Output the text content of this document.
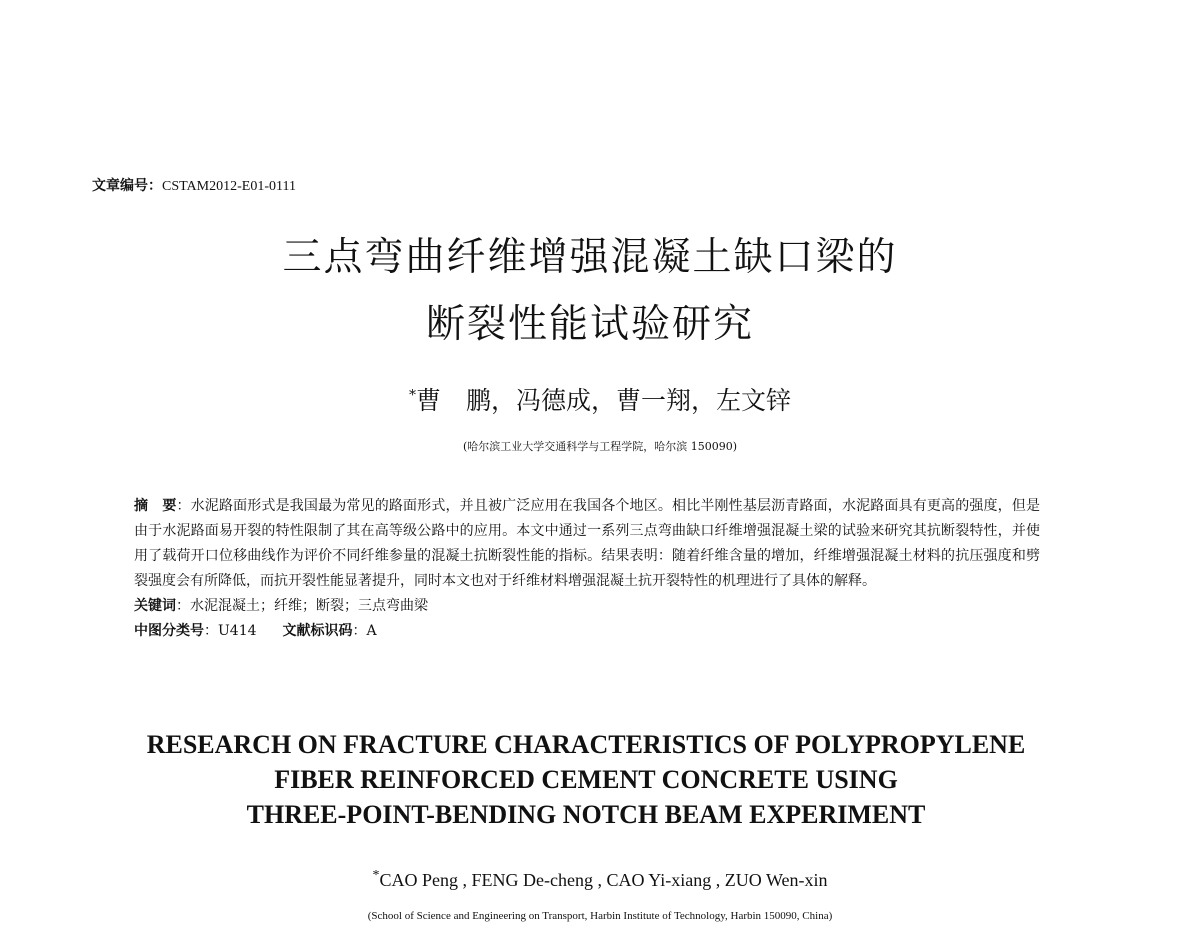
文章编号：CSTAM2012-E01-0111
三点弯曲纤维增强混凝土缺口梁的
断裂性能试验研究
*曹　鹏，冯德成，曹一翔，左文锌
(哈尔滨工业大学交通科学与工程学院，哈尔滨 150090)
摘　要：水泥路面形式是我国最为常见的路面形式，并且被广泛应用在我国各个地区。相比半刚性基层沥青路面，水泥路面具有更高的强度，但是由于水泥路面易开裂的特性限制了其在高等级公路中的应用。本文中通过一系列三点弯曲缺口纤维增强混凝土梁的试验来研究其抗断裂特性，并使用了载荷开口位移曲线作为评价不同纤维参量的混凝土抗断裂性能的指标。结果表明：随着纤维含量的增加，纤维增强混凝土材料的抗压强度和劈裂强度会有所降低，而抗开裂性能显著提升，同时本文也对于纤维材料增强混凝土抗开裂特性的机理进行了具体的解释。
关键词：水泥混凝土；纤维；断裂；三点弯曲梁
中图分类号：U414 文献标识码：A
RESEARCH ON FRACTURE CHARACTERISTICS OF POLYPROPYLENE
FIBER REINFORCED CEMENT CONCRETE USING
THREE-POINT-BENDING NOTCH BEAM EXPERIMENT
*CAO Peng , FENG De-cheng , CAO Yi-xiang , ZUO Wen-xin
(School of Science and Engineering on Transport, Harbin Institute of Technology, Harbin 150090, China)
